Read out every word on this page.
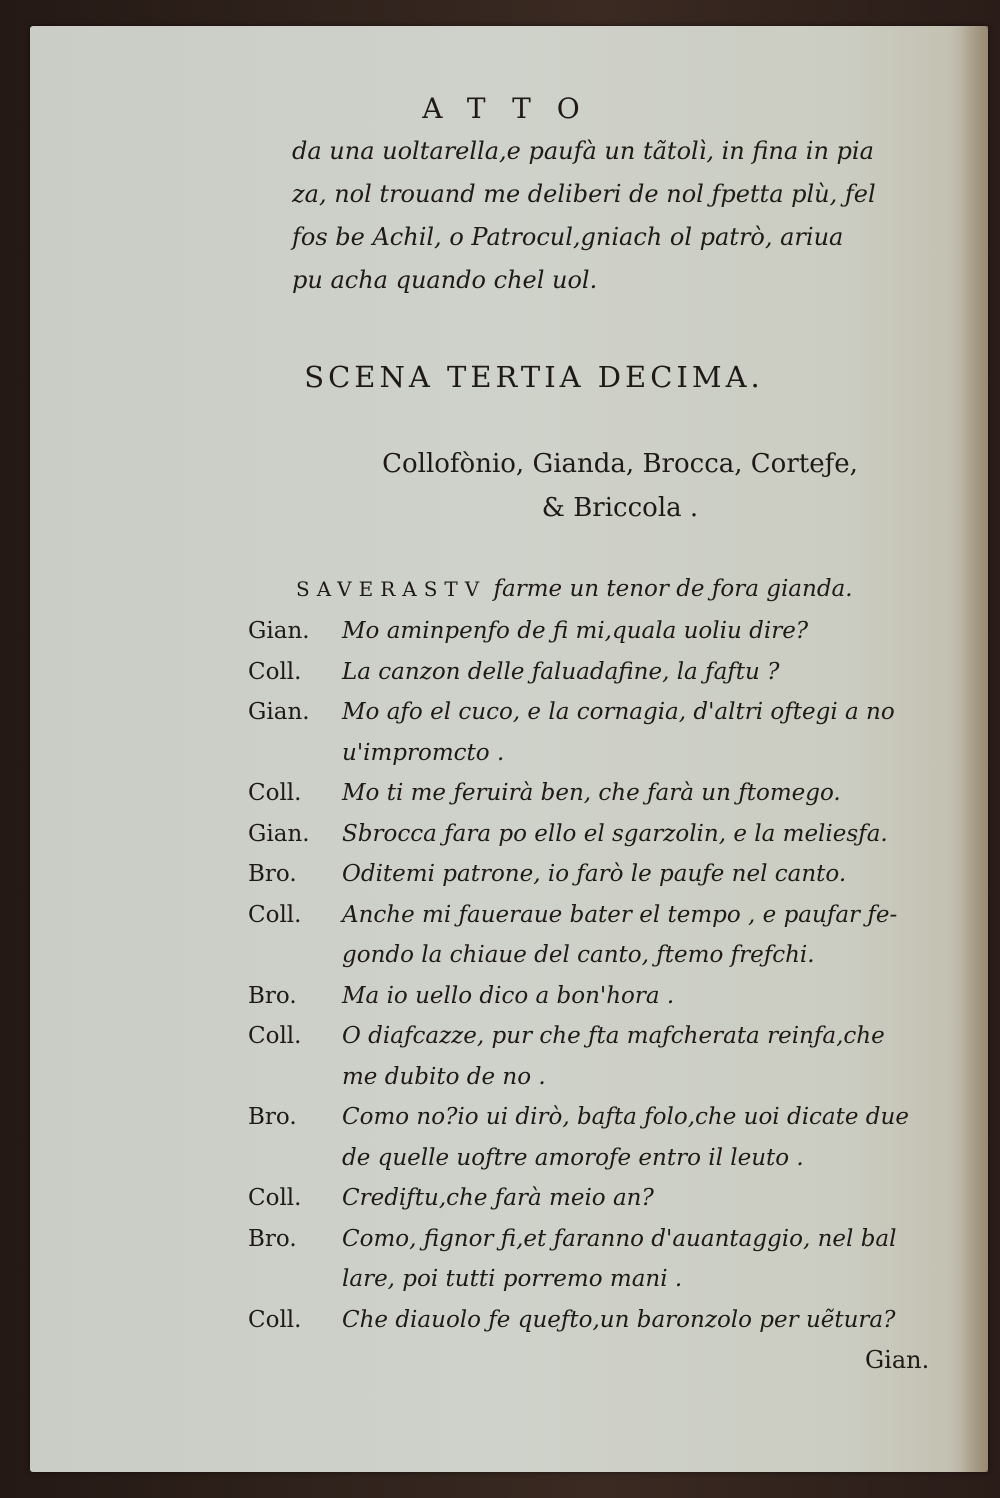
ATTO
da una uoltarella,e paufà un tãtolì, in fina in pia
za, nol trouand me deliberi de nol ƒpetta plù, ƒel
fos be Achil, o Patrocul,gniach ol patrò, ariua
pu acha quando chel uol.
SCENA TERTIA DECIMA.
Collofònio, Gianda, Brocca, Corteƒe,
& Briccola .
SAVERASTV farme un tenor de ƒora gianda.
Gian.	Mo aminpenƒo de ƒi mi,quala uoliu dire?
Coll.	La canzon delle ƒaluadaƒine, la ƒaƒtu ?
Gian.	Mo aƒo el cuco, e la cornagia, d'altri oƒtegi a no
u'impromcto .
Coll.	Mo ti me ƒeruirà ben, che ƒarà un ƒtomego.
Gian.	Sbrocca ƒara po ello el sgarzolin, e la meliesƒa.
Bro.	Oditemi patrone, io ƒarò le pauƒe nel canto.
Coll.	Anche mi ƒaueraue bater el tempo , e pauƒar ƒe-
gondo la chiaue del canto, ƒtemo freƒchi.
Bro.	Ma io uello dico a bon'hora .
Coll.	O diaƒcazze, pur che ƒta maƒcherata reinƒa,che
me dubito de no .
Bro.	Como no?io ui dirò, baƒta ƒolo,che uoi dicate due
de quelle uoƒtre amoroƒe entro il leuto .
Coll.	Crediƒtu,che ƒarà meio an?
Bro.	Como, ƒignor ƒi,et ƒaranno d'auantaggio, nel bal
lare, poi tutti porremo mani .
Coll.	Che diauolo ƒe queƒto,un baronzolo per uẽtura?
Gian.
